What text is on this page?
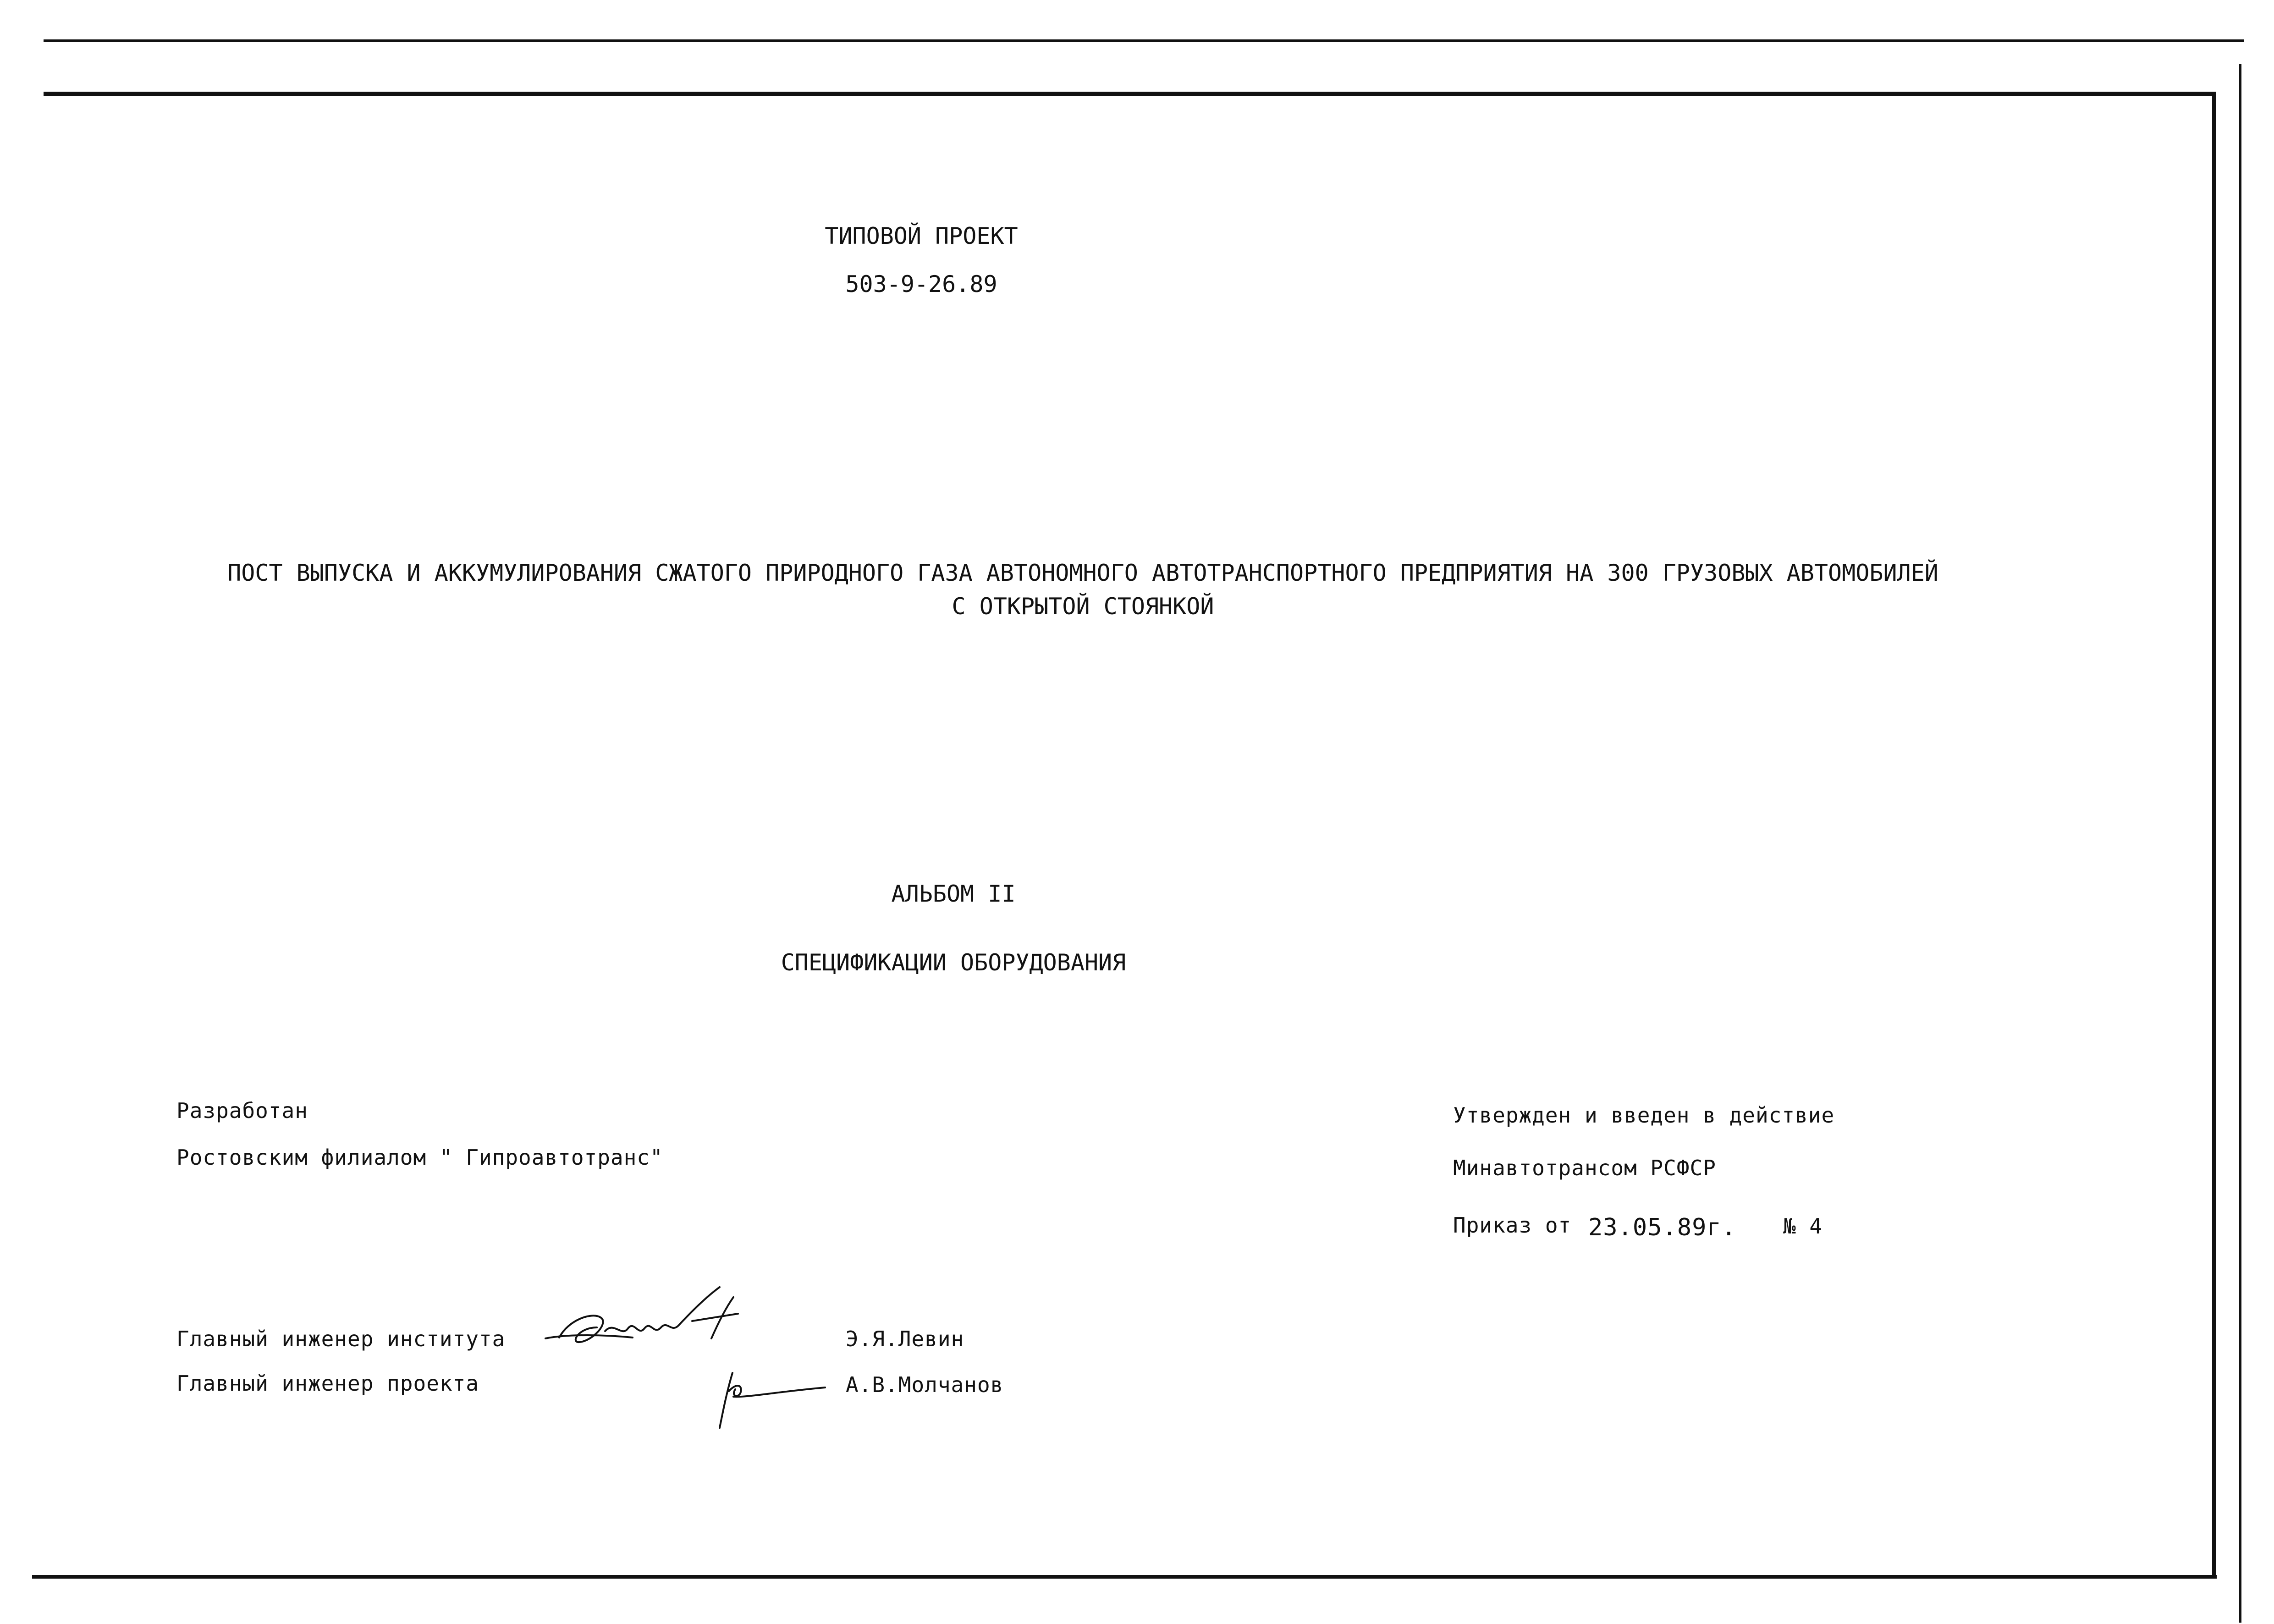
ТИПОВОЙ ПРОЕКТ
503-9-26.89
ПОСТ ВЫПУСКА И АККУМУЛИРОВАНИЯ СЖАТОГО ПРИРОДНОГО ГАЗА АВТОНОМНОГО АВТОТРАНСПОРТНОГО ПРЕДПРИЯТИЯ НА 300 ГРУЗОВЫХ АВТОМОБИЛЕЙ
С ОТКРЫТОЙ СТОЯНКОЙ
АЛЬБОМ II
СПЕЦИФИКАЦИИ ОБОРУДОВАНИЯ
Разработан
Ростовским филиалом " Гипроавтотранс"
Утвержден и введен в действие
Минавтотрансом РСФСР
Приказ от 23.05.89г. № 4
Главный инженер института	Э.Я.Левин
Главный инженер проекта	А.В.Молчанов
